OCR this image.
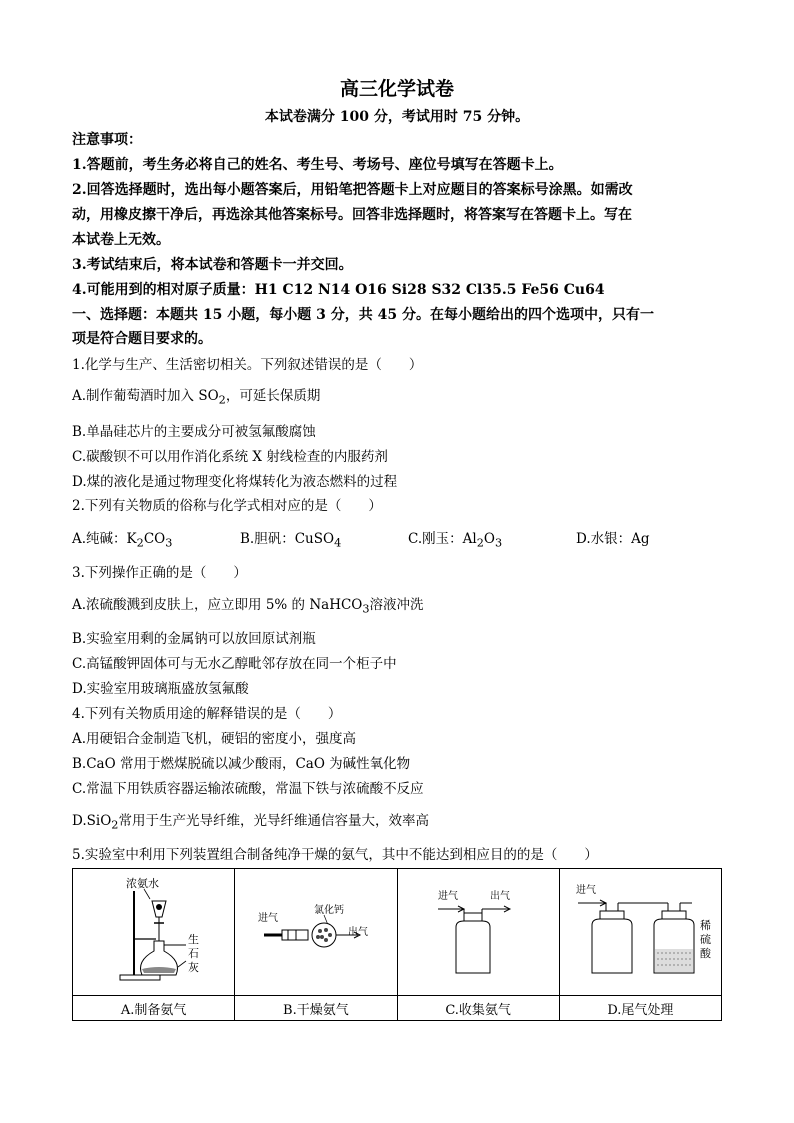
高三化学试卷
本试卷满分 100 分，考试用时 75 分钟。
注意事项：
1.答题前，考生务必将自己的姓名、考生号、考场号、座位号填写在答题卡上。
2.回答选择题时，选出每小题答案后，用铅笔把答题卡上对应题目的答案标号涂黑。如需改
动，用橡皮擦干净后，再选涂其他答案标号。回答非选择题时，将答案写在答题卡上。写在
本试卷上无效。
3.考试结束后，将本试卷和答题卡一并交回。
4.可能用到的相对原子质量：H1 C12 N14 O16 Si28 S32 Cl35.5 Fe56 Cu64
一、选择题：本题共 15 小题，每小题 3 分，共 45 分。在每小题给出的四个选项中，只有一
项是符合题目要求的。
1.化学与生产、生活密切相关。下列叙述错误的是（　　）
A.制作葡萄酒时加入 $SO_2$，可延长保质期
B.单晶硅芯片的主要成分可被氢氟酸腐蚀
C.碳酸钡不可以用作消化系统 X 射线检查的内服药剂
D.煤的液化是通过物理变化将煤转化为液态燃料的过程
2.下列有关物质的俗称与化学式相对应的是（　　）
A.纯碱：$K_2CO_3$	B.胆矾：CuSO$_4$	C.刚玉：$Al_2O_3$	D.水银：Ag
3.下列操作正确的是（　　）
A.浓硫酸溅到皮肤上，应立即用 5% 的 NaHCO$_3$溶液冲洗
B.实验室用剩的金属钠可以放回原试剂瓶
C.高锰酸钾固体可与无水乙醇毗邻存放在同一个柜子中
D.实验室用玻璃瓶盛放氢氟酸
4.下列有关物质用途的解释错误的是（　　）
A.用硬铝合金制造飞机，硬铝的密度小，强度高
B.CaO 常用于燃煤脱硫以减少酸雨，CaO 为碱性氧化物
C.常温下用铁质容器运输浓硫酸，常温下铁与浓硫酸不反应
D.SiO$_2$常用于生产光导纤维，光导纤维通信容量大，效率高
5.实验室中利用下列装置组合制备纯净干燥的氨气，其中不能达到相应目的的是（　　）
浓氨水
生
石
灰	进气
氯化钙
出气	进气 出气	进气
稀
硫
酸

A.制备氨气	B.干燥氨气	C.收集氨气	D.尾气处理
